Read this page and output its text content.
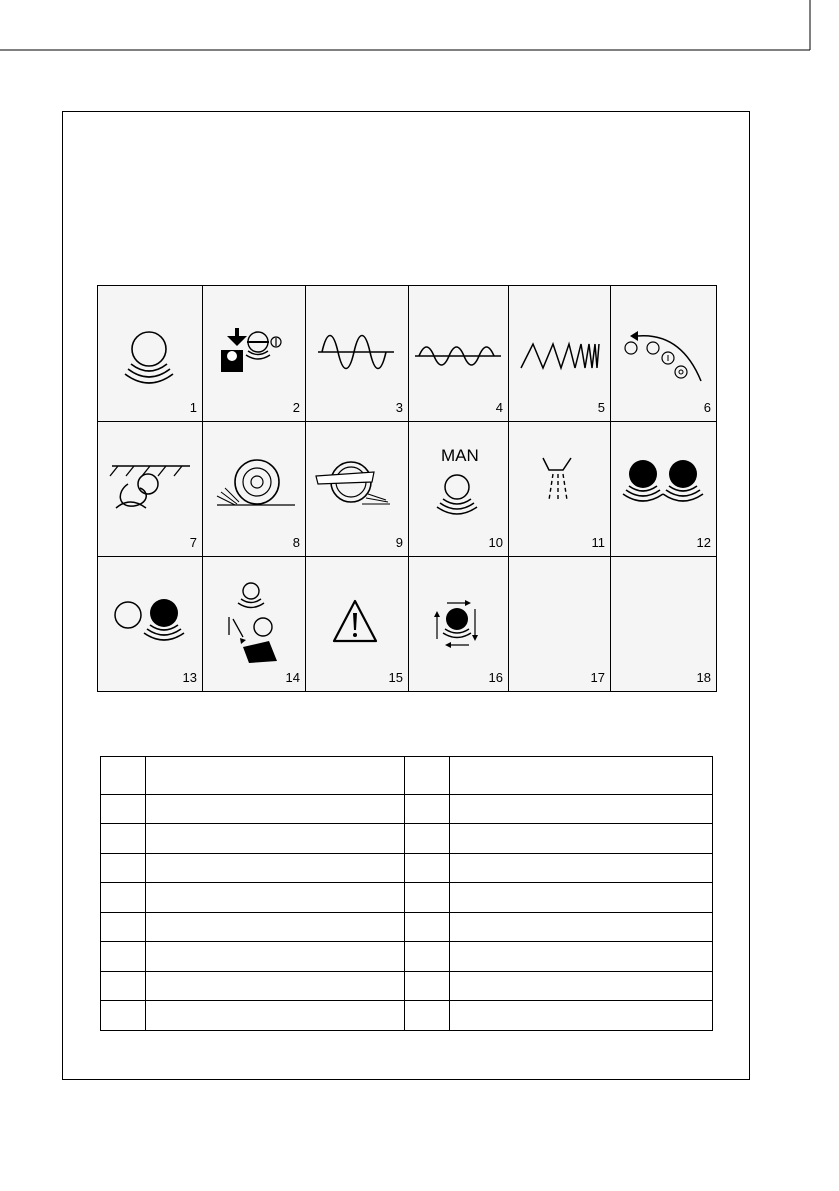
1	2	3	4	5	6
7	8	9
MAN
10	11	12
13	14	15	16	17	18
